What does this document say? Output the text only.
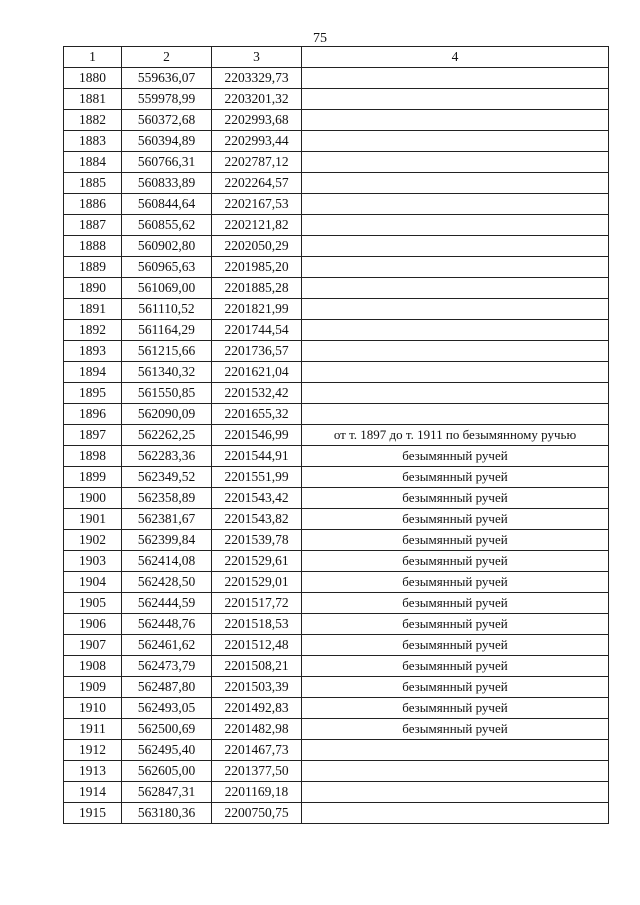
75
1	2	3	4
1880	559636,07	2203329,73	
1881	559978,99	2203201,32	
1882	560372,68	2202993,68	
1883	560394,89	2202993,44	
1884	560766,31	2202787,12	
1885	560833,89	2202264,57	
1886	560844,64	2202167,53	
1887	560855,62	2202121,82	
1888	560902,80	2202050,29	
1889	560965,63	2201985,20	
1890	561069,00	2201885,28	
1891	561110,52	2201821,99	
1892	561164,29	2201744,54	
1893	561215,66	2201736,57	
1894	561340,32	2201621,04	
1895	561550,85	2201532,42	
1896	562090,09	2201655,32	
1897	562262,25	2201546,99	от т. 1897 до т. 1911 по безымянному ручью
1898	562283,36	2201544,91	безымянный ручей
1899	562349,52	2201551,99	безымянный ручей
1900	562358,89	2201543,42	безымянный ручей
1901	562381,67	2201543,82	безымянный ручей
1902	562399,84	2201539,78	безымянный ручей
1903	562414,08	2201529,61	безымянный ручей
1904	562428,50	2201529,01	безымянный ручей
1905	562444,59	2201517,72	безымянный ручей
1906	562448,76	2201518,53	безымянный ручей
1907	562461,62	2201512,48	безымянный ручей
1908	562473,79	2201508,21	безымянный ручей
1909	562487,80	2201503,39	безымянный ручей
1910	562493,05	2201492,83	безымянный ручей
1911	562500,69	2201482,98	безымянный ручей
1912	562495,40	2201467,73	
1913	562605,00	2201377,50	
1914	562847,31	2201169,18	
1915	563180,36	2200750,75	
